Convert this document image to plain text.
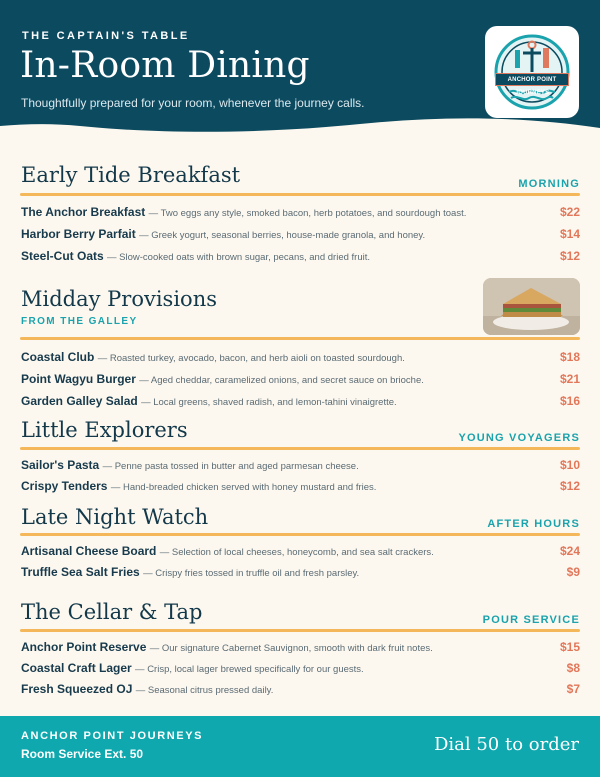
THE CAPTAIN'S TABLE
In-Room Dining
Thoughtfully prepared for your room, whenever the journey calls.
ANCHOR POINT JOURNEYS
Early Tide Breakfast	MORNING
The Anchor Breakfast — Two eggs any style, smoked bacon, herb potatoes, and sourdough toast.	$22
Harbor Berry Parfait — Greek yogurt, seasonal berries, house-made granola, and honey.	$14
Steel-Cut Oats — Slow-cooked oats with brown sugar, pecans, and dried fruit.	$12
Midday Provisions
FROM THE GALLEY
Coastal Club — Roasted turkey, avocado, bacon, and herb aioli on toasted sourdough.	$18
Point Wagyu Burger — Aged cheddar, caramelized onions, and secret sauce on brioche.	$21
Garden Galley Salad — Local greens, shaved radish, and lemon-tahini vinaigrette.	$16
Little Explorers	YOUNG VOYAGERS
Sailor's Pasta — Penne pasta tossed in butter and aged parmesan cheese.	$10
Crispy Tenders — Hand-breaded chicken served with honey mustard and fries.	$12
Late Night Watch	AFTER HOURS
Artisanal Cheese Board — Selection of local cheeses, honeycomb, and sea salt crackers.	$24
Truffle Sea Salt Fries — Crispy fries tossed in truffle oil and fresh parsley.	$9
The Cellar & Tap	POUR SERVICE
Anchor Point Reserve — Our signature Cabernet Sauvignon, smooth with dark fruit notes.	$15
Coastal Craft Lager — Crisp, local lager brewed specifically for our guests.	$8
Fresh Squeezed OJ — Seasonal citrus pressed daily.	$7
ANCHOR POINT JOURNEYS
Room Service Ext. 50	Dial 50 to order
